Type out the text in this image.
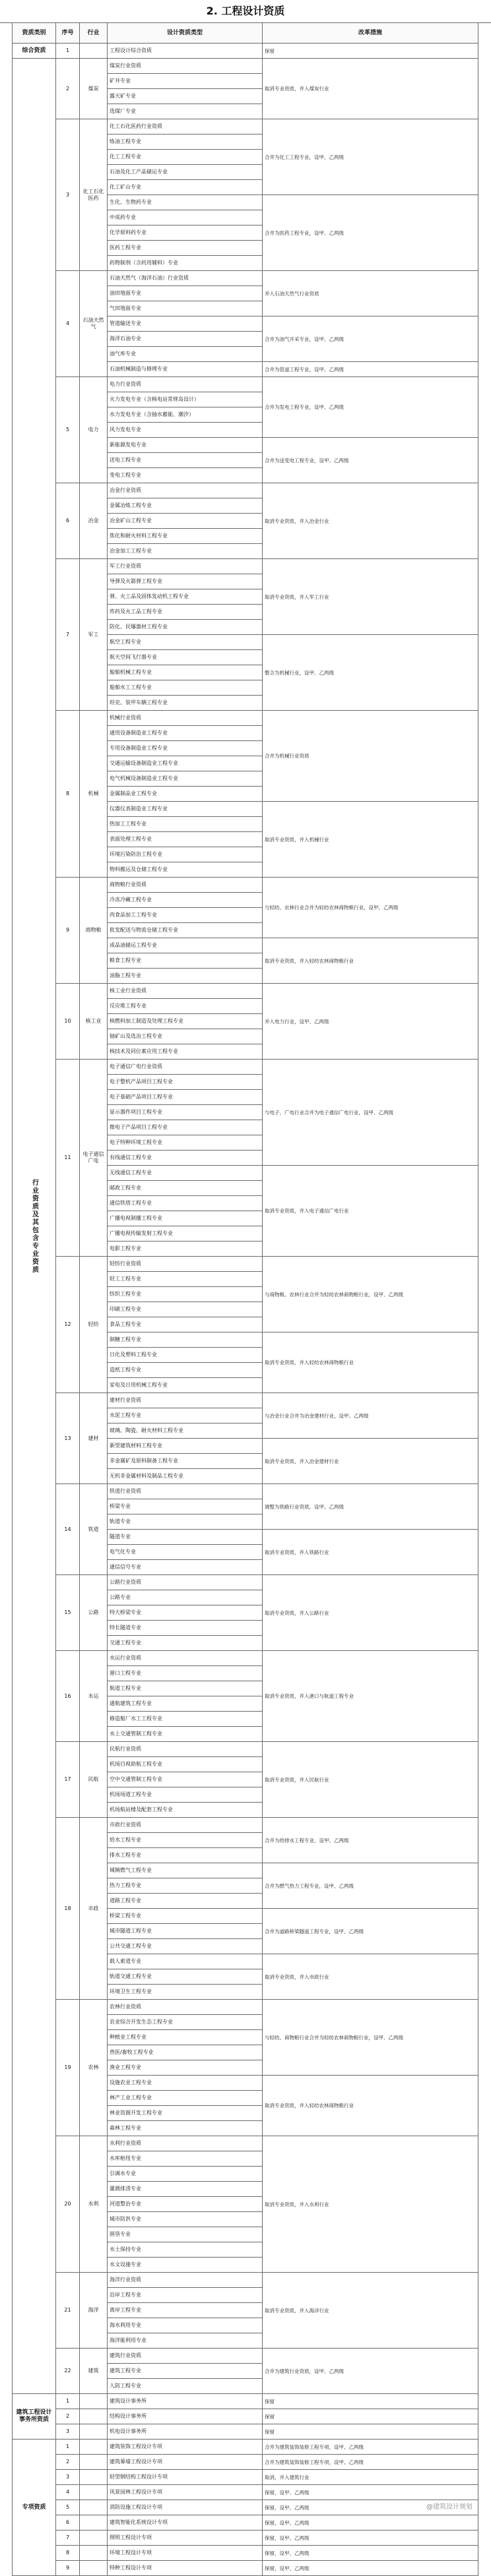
2. 工程设计资质
资质类别	序号	行业	设计资质类型	改革措施
综合资质	1		工程设计综合资质	保留
行业资质及其包含专业资质	2	煤炭	煤炭行业资质	取消专业资质，并入煤炭行业
			矿井专业	
			露天矿专业	
			选煤厂专业	
	3	化工石化医药	化工石化医药行业资质	合并为化工工程专业，设甲、乙两级
			炼油工程专业	
			化工工程专业	
			石油及化工产品储运专业	
			化工矿山专业	
			生化、生物药专业	合并为医药工程专业，设甲、乙两级
			中成药专业	
			化学原料药专业	
			医药工程专业	
			药物制剂（含药用辅料）专业	
	4	石油天然气	石油天然气（海洋石油）行业资质	并入石油天然气行业资质
			油田地面专业	
			气田地面专业	
			管道输送专业	合并为油气开采专业，设甲、乙两级
			海洋石油专业	
			油气库专业	
			石油机械制造与修理专业	合并为管道工程专业，设甲、乙两级
	5	电力	电力行业资质	合并为发电工程专业，设甲、乙两级
			火力发电专业（含核电站常规岛设计）	
			水力发电专业（含抽水蓄能、潮汐）	
			风力发电专业	
			新能源发电专业	合并为送变电工程专业，设甲、乙两级
			送电工程专业	
			变电工程专业	
	6	冶金	冶金行业资质	取消专业资质，并入冶金行业
			金属冶炼工程专业	
			冶金矿山工程专业	
			焦化和耐火材料工程专业	
			冶金加工工程专业	
	7	军工	军工行业资质	取消专业资质，并入军工行业
			导弹及火箭弹工程专业	
			弹、火工品及固体发动机工程专业	
			炸药及火工品工程专业	
			防化、民爆器材工程专业	
			航空工程专业	整合为机械行业，设甲、乙两级
			航天空间飞行器专业	
			船舶机械工程专业	
			船舶水工工程专业	
			坦克、装甲车辆工程专业	
	8	机械	机械行业资质	合并为机械行业资质
			通用设备制造业工程专业	
			专用设备制造业工程专业	
			交通运输设备制造业工程专业	
			电气机械设备制造业工程专业	
			金属制品业工程专业	
			仪器仪表制造业工程专业	取消专业资质，并入机械行业
			热加工工程专业	
			表面处理工程专业	
			环境污染防治工程专业	
			物料搬运及仓储工程专业	
	9	商物粮	商物粮行业资质	与轻纺、农林行业合并为轻纺农林商物粮行业，设甲、乙两级
			冷冻冷藏工程专业	
			肉食品加工工程专业	
			批发配送与物流仓储工程专业	
			成品油储运工程专业	取消专业资质，并入轻纺农林商物粮行业
			粮食工程专业	
			油脂工程专业	
	10	核工业	核工业行业资质	并入电力行业，设甲、乙两级
			反应堆工程专业	
			核燃料加工制造及处理工程专业	
			铀矿山及选冶工程专业	
			核技术及同位素应用工程专业	
	11	电子通信广电	电子通信广电行业资质	与电子、广电行业合并为电子通信广电行业，设甲、乙两级
			电子整机产品项目工程专业	
			电子基础产品项目工程专业	
			显示器件项目工程专业	
			微电子产品项目工程专业	
			电子特种环境工程专业	
			有线通信工程专业	
			无线通信工程专业	取消专业资质，并入电子通信广电行业
			邮政工程专业	
			通信铁塔工程专业	
			广播电视制播工程专业	
			广播电视传输发射工程专业	
			电影工程专业	
	12	轻纺	轻纺行业资质	与商物粮、农林行业合并为轻纺农林商物粮行业，设甲、乙两级
			轻工工程专业	
			纺织工程专业	
			印刷工程专业	
			食品工程专业	
			制糖工程专业	取消专业资质，并入轻纺农林商物粮行业
			日化及塑料工程专业	
			造纸工程专业	
			家电及日用机械工程专业	
	13	建材	建材行业资质	与冶金行业合并为冶金建材行业，设甲、乙两级
			水泥工程专业	
			玻璃、陶瓷、耐火材料工程专业	
			新型建筑材料工程专业	取消专业资质，并入冶金建材行业
			非金属矿及原料制备工程专业	
			无机非金属材料及制品工程专业	
	14	铁道	铁道行业资质	调整为铁路行业资质，设甲、乙两级
			桥梁专业	
			轨道专业	
			隧道专业	取消专业资质，并入铁路行业
			电气化专业	
			通信信号专业	
	15	公路	公路行业资质	取消专业资质，并入公路行业
			公路专业	
			特大桥梁专业	
			特长隧道专业	
			交通工程专业	
	16	水运	水运行业资质	取消专业资质，并入港口与航道工程专业
			港口工程专业	
			航道工程专业	
			通航建筑工程专业	
			修造船厂水工工程专业	
			水上交通管制工程专业	
	17	民航	民航行业资质	取消专业资质，并入民航行业
			机场目视助航工程专业	
			空中交通管制工程专业	
			机场场道工程专业	
			机场航站楼及配套工程专业	
	18	市政	市政行业资质	合并为给排水工程专业，设甲、乙两级
			给水工程专业	
			排水工程专业	
			城镇燃气工程专业	合并为燃气热力工程专业，设甲、乙两级
			热力工程专业	
			道路工程专业	
			桥梁工程专业	合并为道路桥梁隧道工程专业，设甲、乙两级
			城市隧道工程专业	
			公共交通工程专业	
			载人索道专业	取消专业资质，并入市政行业
			轨道交通工程专业	
			环境卫生工程专业	
	19	农林	农林行业资质	与轻纺、商物粮行业合并为轻纺农林商物粮行业，设甲、乙两级
			农业综合开发生态工程专业	
			种植业工程专业	
			兽医/畜牧工程专业	
			渔业工程专业	
			设施农业工程专业	取消专业资质，并入轻纺农林商物粮行业
			林产工业工程专业	
			林业资源开发工程专业	
			森林工程专业	
	20	水利	水利行业资质	取消专业资质，并入水利行业
			水库枢纽专业	
			引调水专业	
			灌溉排涝专业	
			河道整治专业	
			城市防洪专业	
			围垦专业	
			水土保持专业	
			水文设施专业	
	21	海洋	海洋行业资质	取消专业资质，并入海洋行业
			沿岸工程专业	
			离岸工程专业	
			海水利用专业	
			海洋能利用专业	
	22	建筑	建筑行业资质	合并为建筑行业资质，设甲、乙两级
			建筑工程专业	
			人防工程专业	
建筑工程设计事务所资质	1		建筑设计事务所	保留
	2		结构设计事务所	保留
	3		机电设计事务所	保留
专项资质	1		建筑装饰工程设计专项	合并为建筑装饰装修工程专项，设甲、乙两级
	2		建筑幕墙工程设计专项	合并为建筑装饰装修工程专项，设甲、乙两级
	3		轻型钢结构工程设计专项	取消，并入建筑行业
	4		风景园林工程设计专项	保留，设甲、乙两级
	5		消防设施工程设计专项	保留，设甲、乙两级
	6		建筑智能化系统设计专项	保留，设甲、乙两级
	7		照明工程设计专项	保留，设甲、乙两级
	8		环境工程设计专项	保留，设甲、乙两级
	9		特种工程设计专项	保留，设甲、乙两级
@建筑设计规划
